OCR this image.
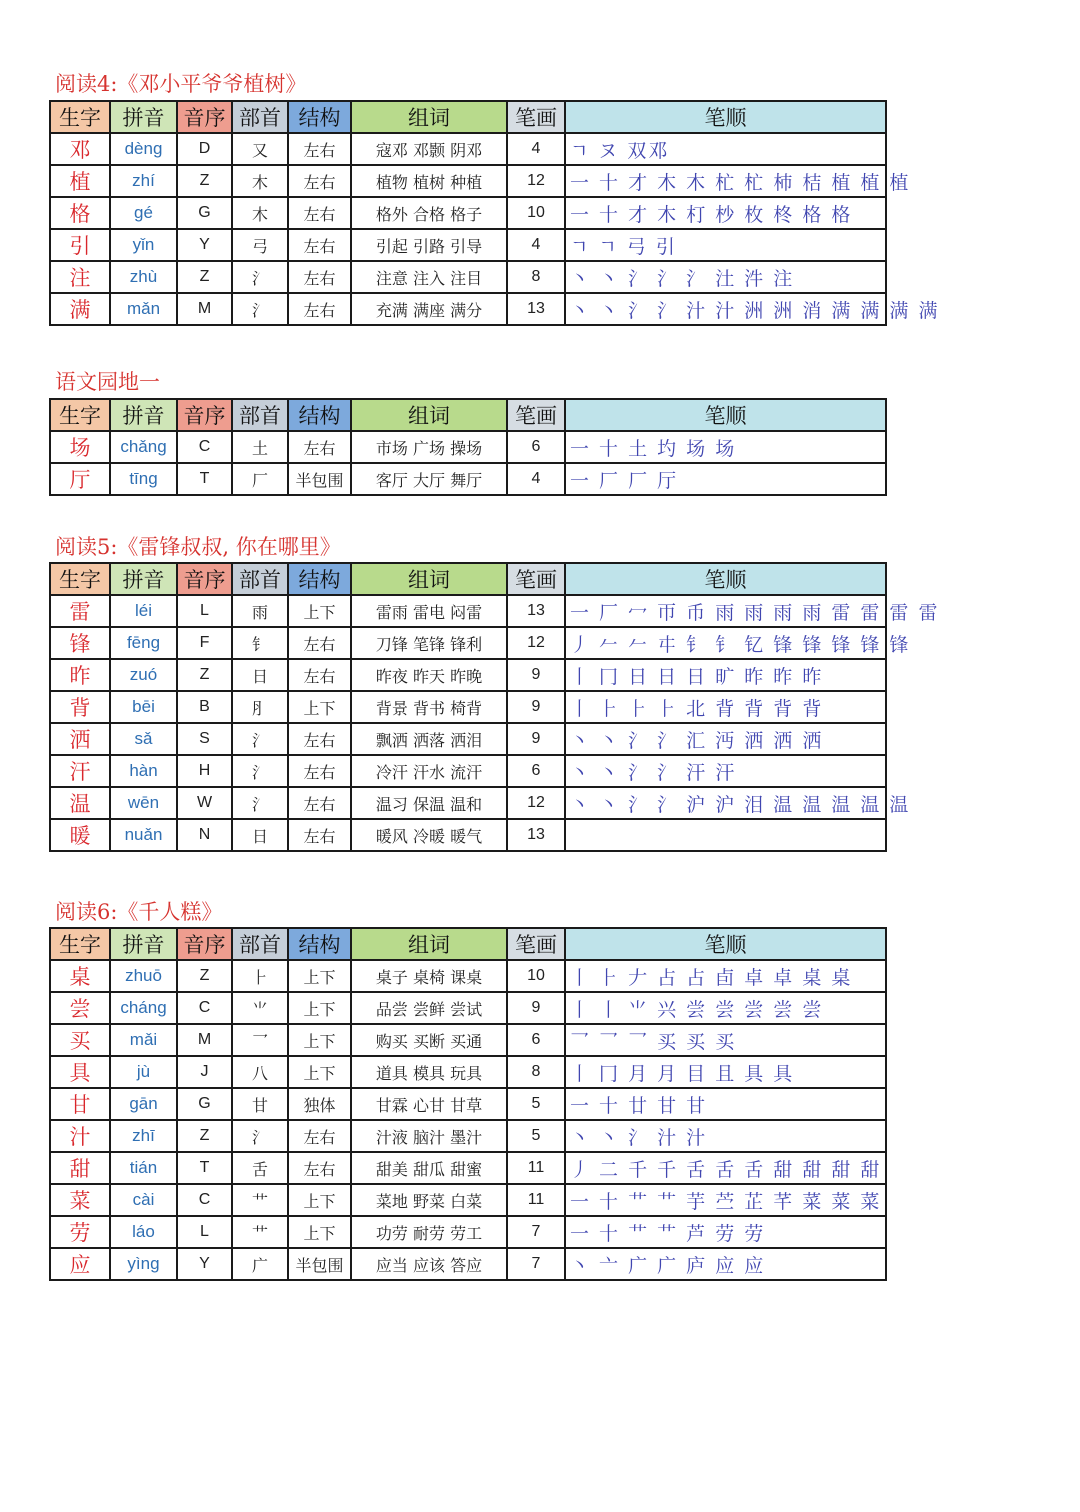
阅读4:《邓小平爷爷植树》
生字	拼音	音序	部首	结构	组词	笔画	笔顺
邓	dèng	D	又	左右	寇邓 邓颢 阴邓	4	ㄱ ヌ 双邓
植	zhí	Z	木	左右	植物 植树 种植	12	一 十 才 木 木 杧 杧 杮 桔 植 植 植
格	gé	G	木	左右	格外 合格 格子	10	一 十 才 木 朾 杪 枚 柊 格 格
引	yǐn	Y	弓	左右	引起 引路 引导	4	ㄱ ㄱ 弓 引
注	zhù	Z	氵	左右	注意 注入 注目	8	丶 丶 氵 氵 氵 汢 汼 注
满	mǎn	M	氵	左右	充满 满座 满分	13	丶 丶 氵 氵 汁 汁 洲 洲 消 满 满 满 满
语文园地一
生字	拼音	音序	部首	结构	组词	笔画	笔顺
场	chǎng	C	土	左右	市场 广场 操场	6	一 十 土 圴 场 场
厅	tīng	T	厂	半包围	客厅 大厅 舞厅	4	一 厂 厂 厅
阅读5:《雷锋叔叔, 你在哪里》
生字	拼音	音序	部首	结构	组词	笔画	笔顺
雷	léi	L	雨	上下	雷雨 雷电 闷雷	13	一 厂 冖 帀 币 雨 雨 雨 雨 雷 雷 雷 雷
锋	fēng	F	钅	左右	刀锋 笔锋 锋利	12	丿 𠂉 𠂉 㐄 钅 钅 钇 锋 锋 锋 锋 锋
昨	zuó	Z	日	左右	昨夜 昨天 昨晚	9	丨 冂 日 日 日 旷 昨 昨 昨
背	bēi	B	⺼	上下	背景 背书 椅背	9	丨 ⺊ ⺊ ⺊ 北 背 背 背 背
洒	sǎ	S	氵	左右	飘洒 洒落 洒泪	9	丶 丶 氵 氵 汇 沔 洒 洒 洒
汗	hàn	H	氵	左右	冷汗 汗水 流汗	6	丶 丶 氵 氵 汗 汗
温	wēn	W	氵	左右	温习 保温 温和	12	丶 丶 氵 氵 沪 沪 泪 温 温 温 温 温
暖	nuǎn	N	日	左右	暖风 冷暖 暖气	13	
阅读6:《千人糕》
生字	拼音	音序	部首	结构	组词	笔画	笔顺
桌	zhuō	Z	⺊	上下	桌子 桌椅 课桌	10	丨 ⺊ 𠂇 占 占 卣 卓 卓 桌 桌
尝	cháng	C	⺌	上下	品尝 尝鲜 尝试	9	丨 丨 ⺌ 兴 尝 尝 尝 尝 尝
买	mǎi	M	乛	上下	购买 买断 买通	6	乛 乛 乛 买 买 买
具	jù	J	八	上下	道具 模具 玩具	8	丨 冂 月 月 目 且 具 具
甘	gān	G	甘	独体	甘霖 心甘 甘草	5	一 十 廿 甘 甘
汁	zhī	Z	氵	左右	汁液 脑汁 墨汁	5	丶 丶 氵 汁 汁
甜	tián	T	舌	左右	甜美 甜瓜 甜蜜	11	丿 二 千 千 舌 舌 舌 甜 甜 甜 甜
菜	cài	C	艹	上下	菜地 野菜 白菜	11	一 十 艹 艹 芋 苎 芷 芊 菜 菜 菜
劳	láo	L	艹	上下	功劳 耐劳 劳工	7	一 十 艹 艹 芦 劳 劳
应	yìng	Y	广	半包围	应当 应该 答应	7	丶 亠 广 广 庐 应 应
